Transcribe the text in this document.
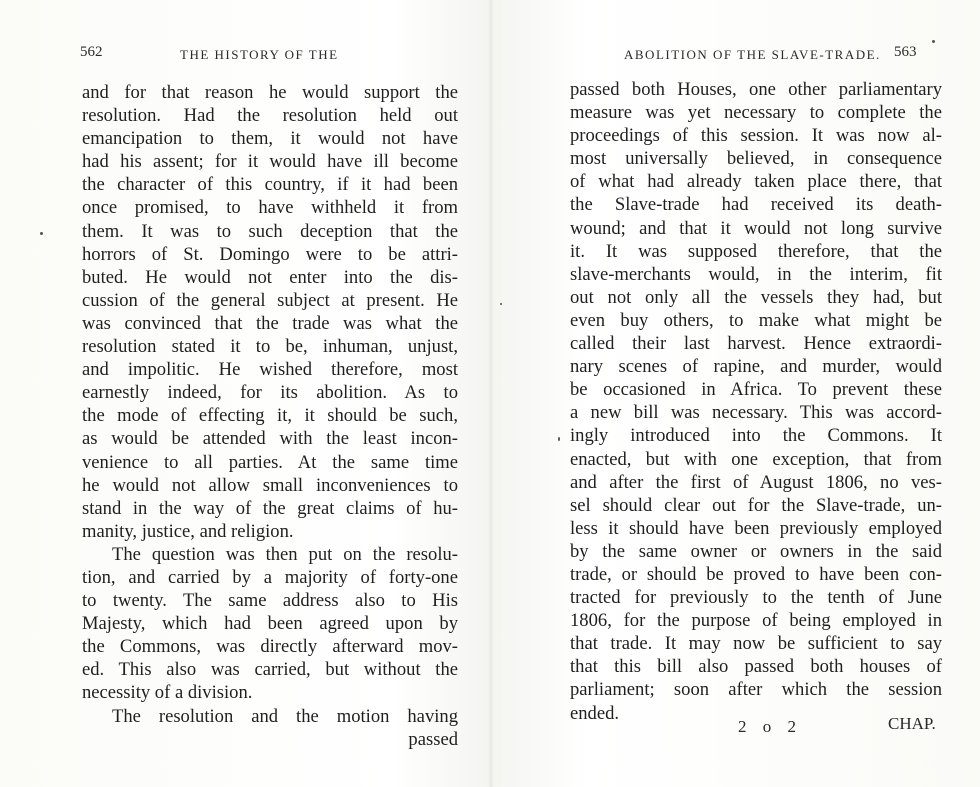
562	THE HISTORY OF THE
and for that reason he would support the
resolution. Had the resolution held out
emancipation to them, it would not have
had his assent; for it would have ill become
the character of this country, if it had been
once promised, to have withheld it from
them. It was to such deception that the
horrors of St. Domingo were to be attri-
buted. He would not enter into the dis-
cussion of the general subject at present. He
was convinced that the trade was what the
resolution stated it to be, inhuman, unjust,
and impolitic. He wished therefore, most
earnestly indeed, for its abolition. As to
the mode of effecting it, it should be such,
as would be attended with the least incon-
venience to all parties. At the same time
he would not allow small inconveniences to
stand in the way of the great claims of hu-
manity, justice, and religion.
The question was then put on the resolu-
tion, and carried by a majority of forty-one
to twenty. The same address also to His
Majesty, which had been agreed upon by
the Commons, was directly afterward mov-
ed. This also was carried, but without the
necessity of a division.
The resolution and the motion having
passed
ABOLITION OF THE SLAVE-TRADE. 563
passed both Houses, one other parliamentary
measure was yet necessary to complete the
proceedings of this session. It was now al-
most universally believed, in consequence
of what had already taken place there, that
the Slave-trade had received its death-
wound; and that it would not long survive
it. It was supposed therefore, that the
slave-merchants would, in the interim, fit
out not only all the vessels they had, but
even buy others, to make what might be
called their last harvest. Hence extraordi-
nary scenes of rapine, and murder, would
be occasioned in Africa. To prevent these
a new bill was necessary. This was accord-
ingly introduced into the Commons. It
enacted, but with one exception, that from
and after the first of August 1806, no ves-
sel should clear out for the Slave-trade, un-
less it should have been previously employed
by the same owner or owners in the said
trade, or should be proved to have been con-
tracted for previously to the tenth of June
1806, for the purpose of being employed in
that trade. It may now be sufficient to say
that this bill also passed both houses of
parliament; soon after which the session
ended.
2 o 2	CHAP.
